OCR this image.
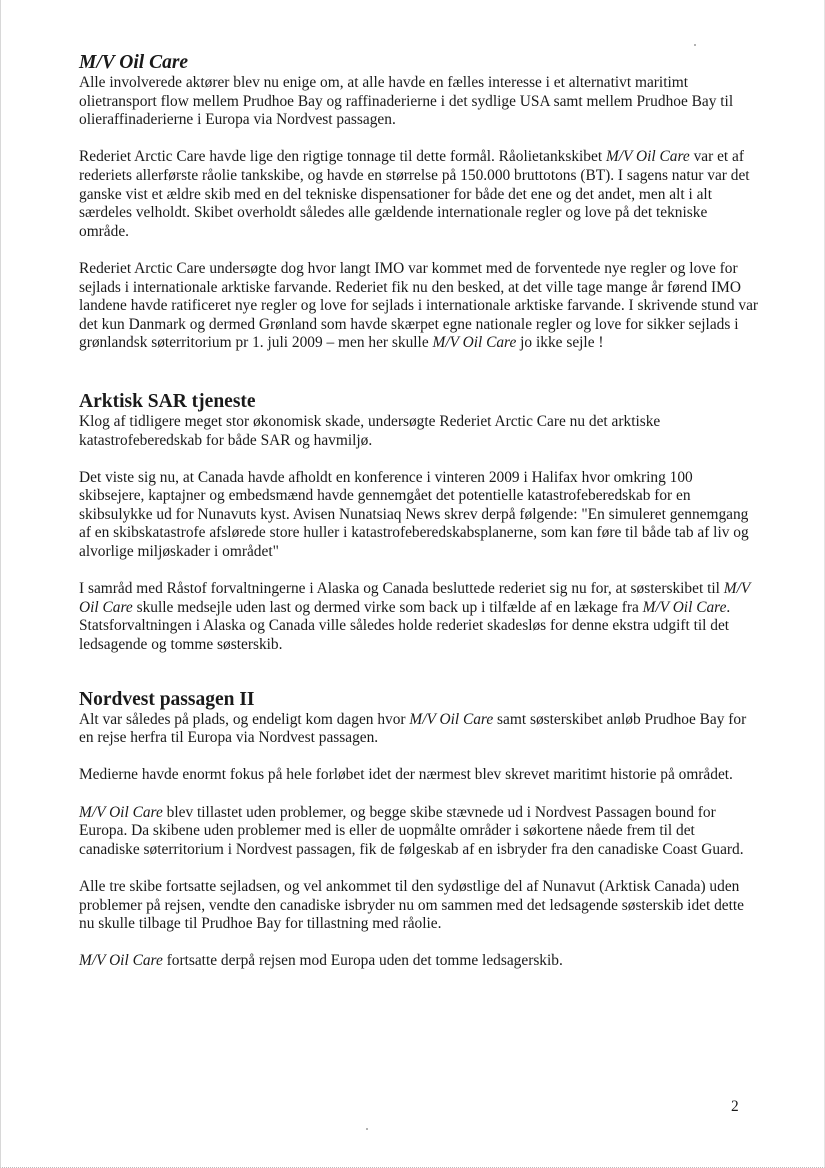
M/V Oil Care

Alle involverede aktører blev nu enige om, at alle havde en fælles interesse i et alternativt maritimt olietransport flow mellem Prudhoe Bay og raffinaderierne i det sydlige USA samt mellem Prudhoe Bay til olieraffinaderierne i Europa via Nordvest passagen.

Rederiet Arctic Care havde lige den rigtige tonnage til dette formål. Råolietankskibet M/V Oil Care var et af rederiets allerførste råolie tankskibe, og havde en størrelse på 150.000 bruttotons (BT). I sagens natur var det ganske vist et ældre skib med en del tekniske dispensationer for både det ene og det andet, men alt i alt særdeles velholdt. Skibet overholdt således alle gældende internationale regler og love på det tekniske område.

Rederiet Arctic Care undersøgte dog hvor langt IMO var kommet med de forventede nye regler og love for sejlads i internationale arktiske farvande. Rederiet fik nu den besked, at det ville tage mange år førend IMO landene havde ratificeret nye regler og love for sejlads i internationale arktiske farvande. I skrivende stund var det kun Danmark og dermed Grønland som havde skærpet egne nationale regler og love for sikker sejlads i grønlandsk søterritorium pr 1. juli 2009 – men her skulle M/V Oil Care jo ikke sejle !

Arktisk SAR tjeneste

Klog af tidligere meget stor økonomisk skade, undersøgte Rederiet Arctic Care nu det arktiske katastrofeberedskab for både SAR og havmiljø.

Det viste sig nu, at Canada havde afholdt en konference i vinteren 2009 i Halifax hvor omkring 100 skibsejere, kaptajner og embedsmænd havde gennemgået det potentielle katastrofeberedskab for en skibsulykke ud for Nunavuts kyst. Avisen Nunatsiaq News skrev derpå følgende: "En simuleret gennemgang af en skibskatastrofe afslørede store huller i katastrofeberedskabsplanerne, som kan føre til både tab af liv og alvorlige miljøskader i området"

I samråd med Råstof forvaltningerne i Alaska og Canada besluttede rederiet sig nu for, at søsterskibet til M/V Oil Care skulle medsejle uden last og dermed virke som back up i tilfælde af en lækage fra M/V Oil Care. Statsforvaltningen i Alaska og Canada ville således holde rederiet skadesløs for denne ekstra udgift til det ledsagende og tomme søsterskib.

Nordvest passagen II

Alt var således på plads, og endeligt kom dagen hvor M/V Oil Care samt søsterskibet anløb Prudhoe Bay for en rejse herfra til Europa via Nordvest passagen.

Medierne havde enormt fokus på hele forløbet idet der nærmest blev skrevet maritimt historie på området.

M/V Oil Care blev tillastet uden problemer, og begge skibe stævnede ud i Nordvest Passagen bound for Europa. Da skibene uden problemer med is eller de uopmålte områder i søkortene nåede frem til det canadiske søterritorium i Nordvest passagen, fik de følgeskab af en isbryder fra den canadiske Coast Guard.

Alle tre skibe fortsatte sejladsen, og vel ankommet til den sydøstlige del af Nunavut (Arktisk Canada) uden problemer på rejsen, vendte den canadiske isbryder nu om sammen med det ledsagende søsterskib idet dette nu skulle tilbage til Prudhoe Bay for tillastning med råolie.

M/V Oil Care fortsatte derpå rejsen mod Europa uden det tomme ledsagerskib.

2
